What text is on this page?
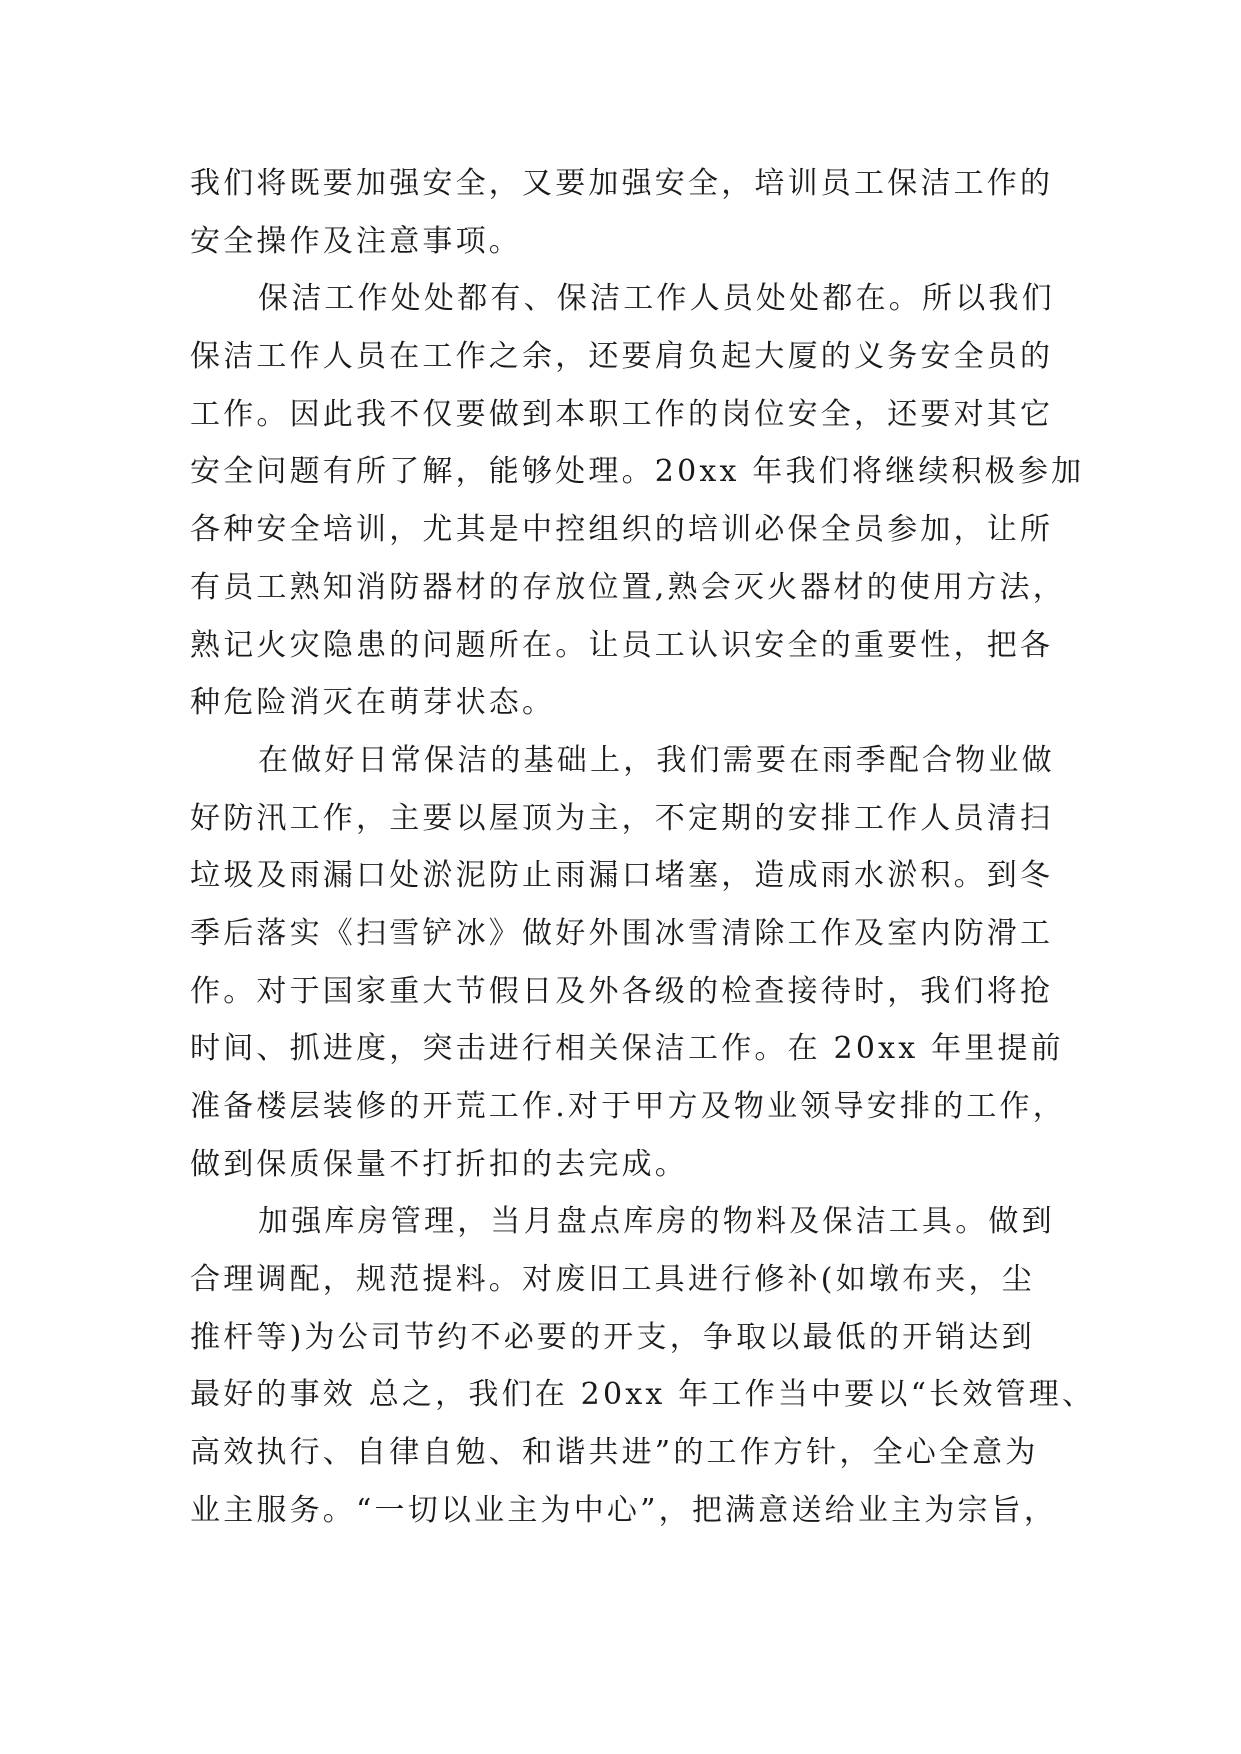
我们将既要加强安全，又要加强安全，培训员工保洁工作的
安全操作及注意事项。
保洁工作处处都有、保洁工作人员处处都在。所以我们
保洁工作人员在工作之余，还要肩负起大厦的义务安全员的
工作。因此我不仅要做到本职工作的岗位安全，还要对其它
安全问题有所了解，能够处理。20xx 年我们将继续积极参加
各种安全培训，尤其是中控组织的培训必保全员参加，让所
有员工熟知消防器材的存放位置,熟会灭火器材的使用方法，
熟记火灾隐患的问题所在。让员工认识安全的重要性，把各
种危险消灭在萌芽状态。
在做好日常保洁的基础上，我们需要在雨季配合物业做
好防汛工作，主要以屋顶为主，不定期的安排工作人员清扫
垃圾及雨漏口处淤泥防止雨漏口堵塞，造成雨水淤积。到冬
季后落实《扫雪铲冰》做好外围冰雪清除工作及室内防滑工
作。对于国家重大节假日及外各级的检查接待时，我们将抢
时间、抓进度，突击进行相关保洁工作。在 20xx 年里提前
准备楼层装修的开荒工作.对于甲方及物业领导安排的工作，
做到保质保量不打折扣的去完成。
加强库房管理，当月盘点库房的物料及保洁工具。做到
合理调配，规范提料。对废旧工具进行修补(如墩布夹，尘
推杆等)为公司节约不必要的开支，争取以最低的开销达到
最好的事效 总之，我们在 20xx 年工作当中要以“长效管理、
高效执行、自律自勉、和谐共进”的工作方针，全心全意为
业主服务。“一切以业主为中心”，把满意送给业主为宗旨，
